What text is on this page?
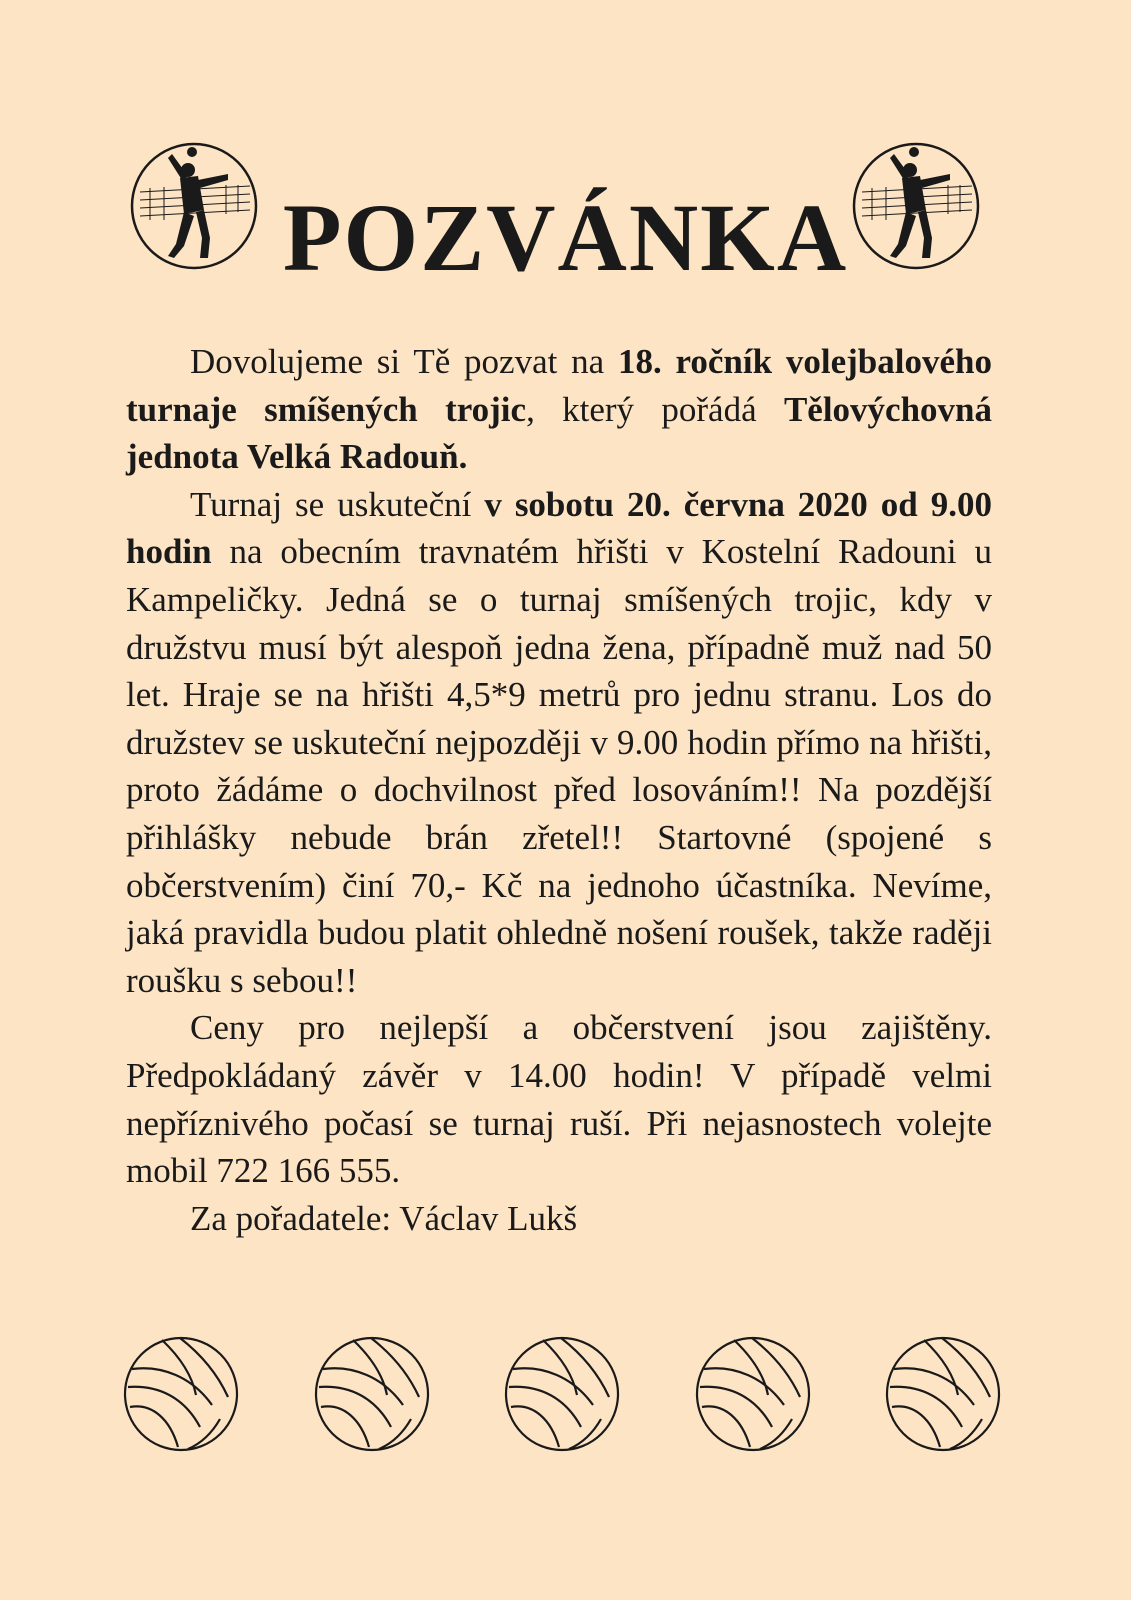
POZVÁNKA

Dovolujeme si Tě pozvat na 18. ročník volejbalového turnaje smíšených trojic, který pořádá Tělovýchovná jednota Velká Radouň.

Turnaj se uskuteční v sobotu 20. června 2020 od 9.00 hodin na obecním travnatém hřišti v Kostelní Radouni u Kampeličky. Jedná se o turnaj smíšených trojic, kdy v družstvu musí být alespoň jedna žena, případně muž nad 50 let. Hraje se na hřišti 4,5*9 metrů pro jednu stranu. Los do družstev se uskuteční nejpozději v 9.00 hodin přímo na hřišti, proto žádáme o dochvilnost před losováním!! Na pozdější přihlášky nebude brán zřetel!! Startovné (spojené s občerstvením) činí 70,- Kč na jednoho účastníka. Nevíme, jaká pravidla budou platit ohledně nošení roušek, takže raději roušku s sebou!!

Ceny pro nejlepší a občerstvení jsou zajištěny. Předpokládaný závěr v 14.00 hodin! V případě velmi nepříznivého počasí se turnaj ruší. Při nejasnostech volejte mobil 722 166 555.

Za pořadatele: Václav Lukš
